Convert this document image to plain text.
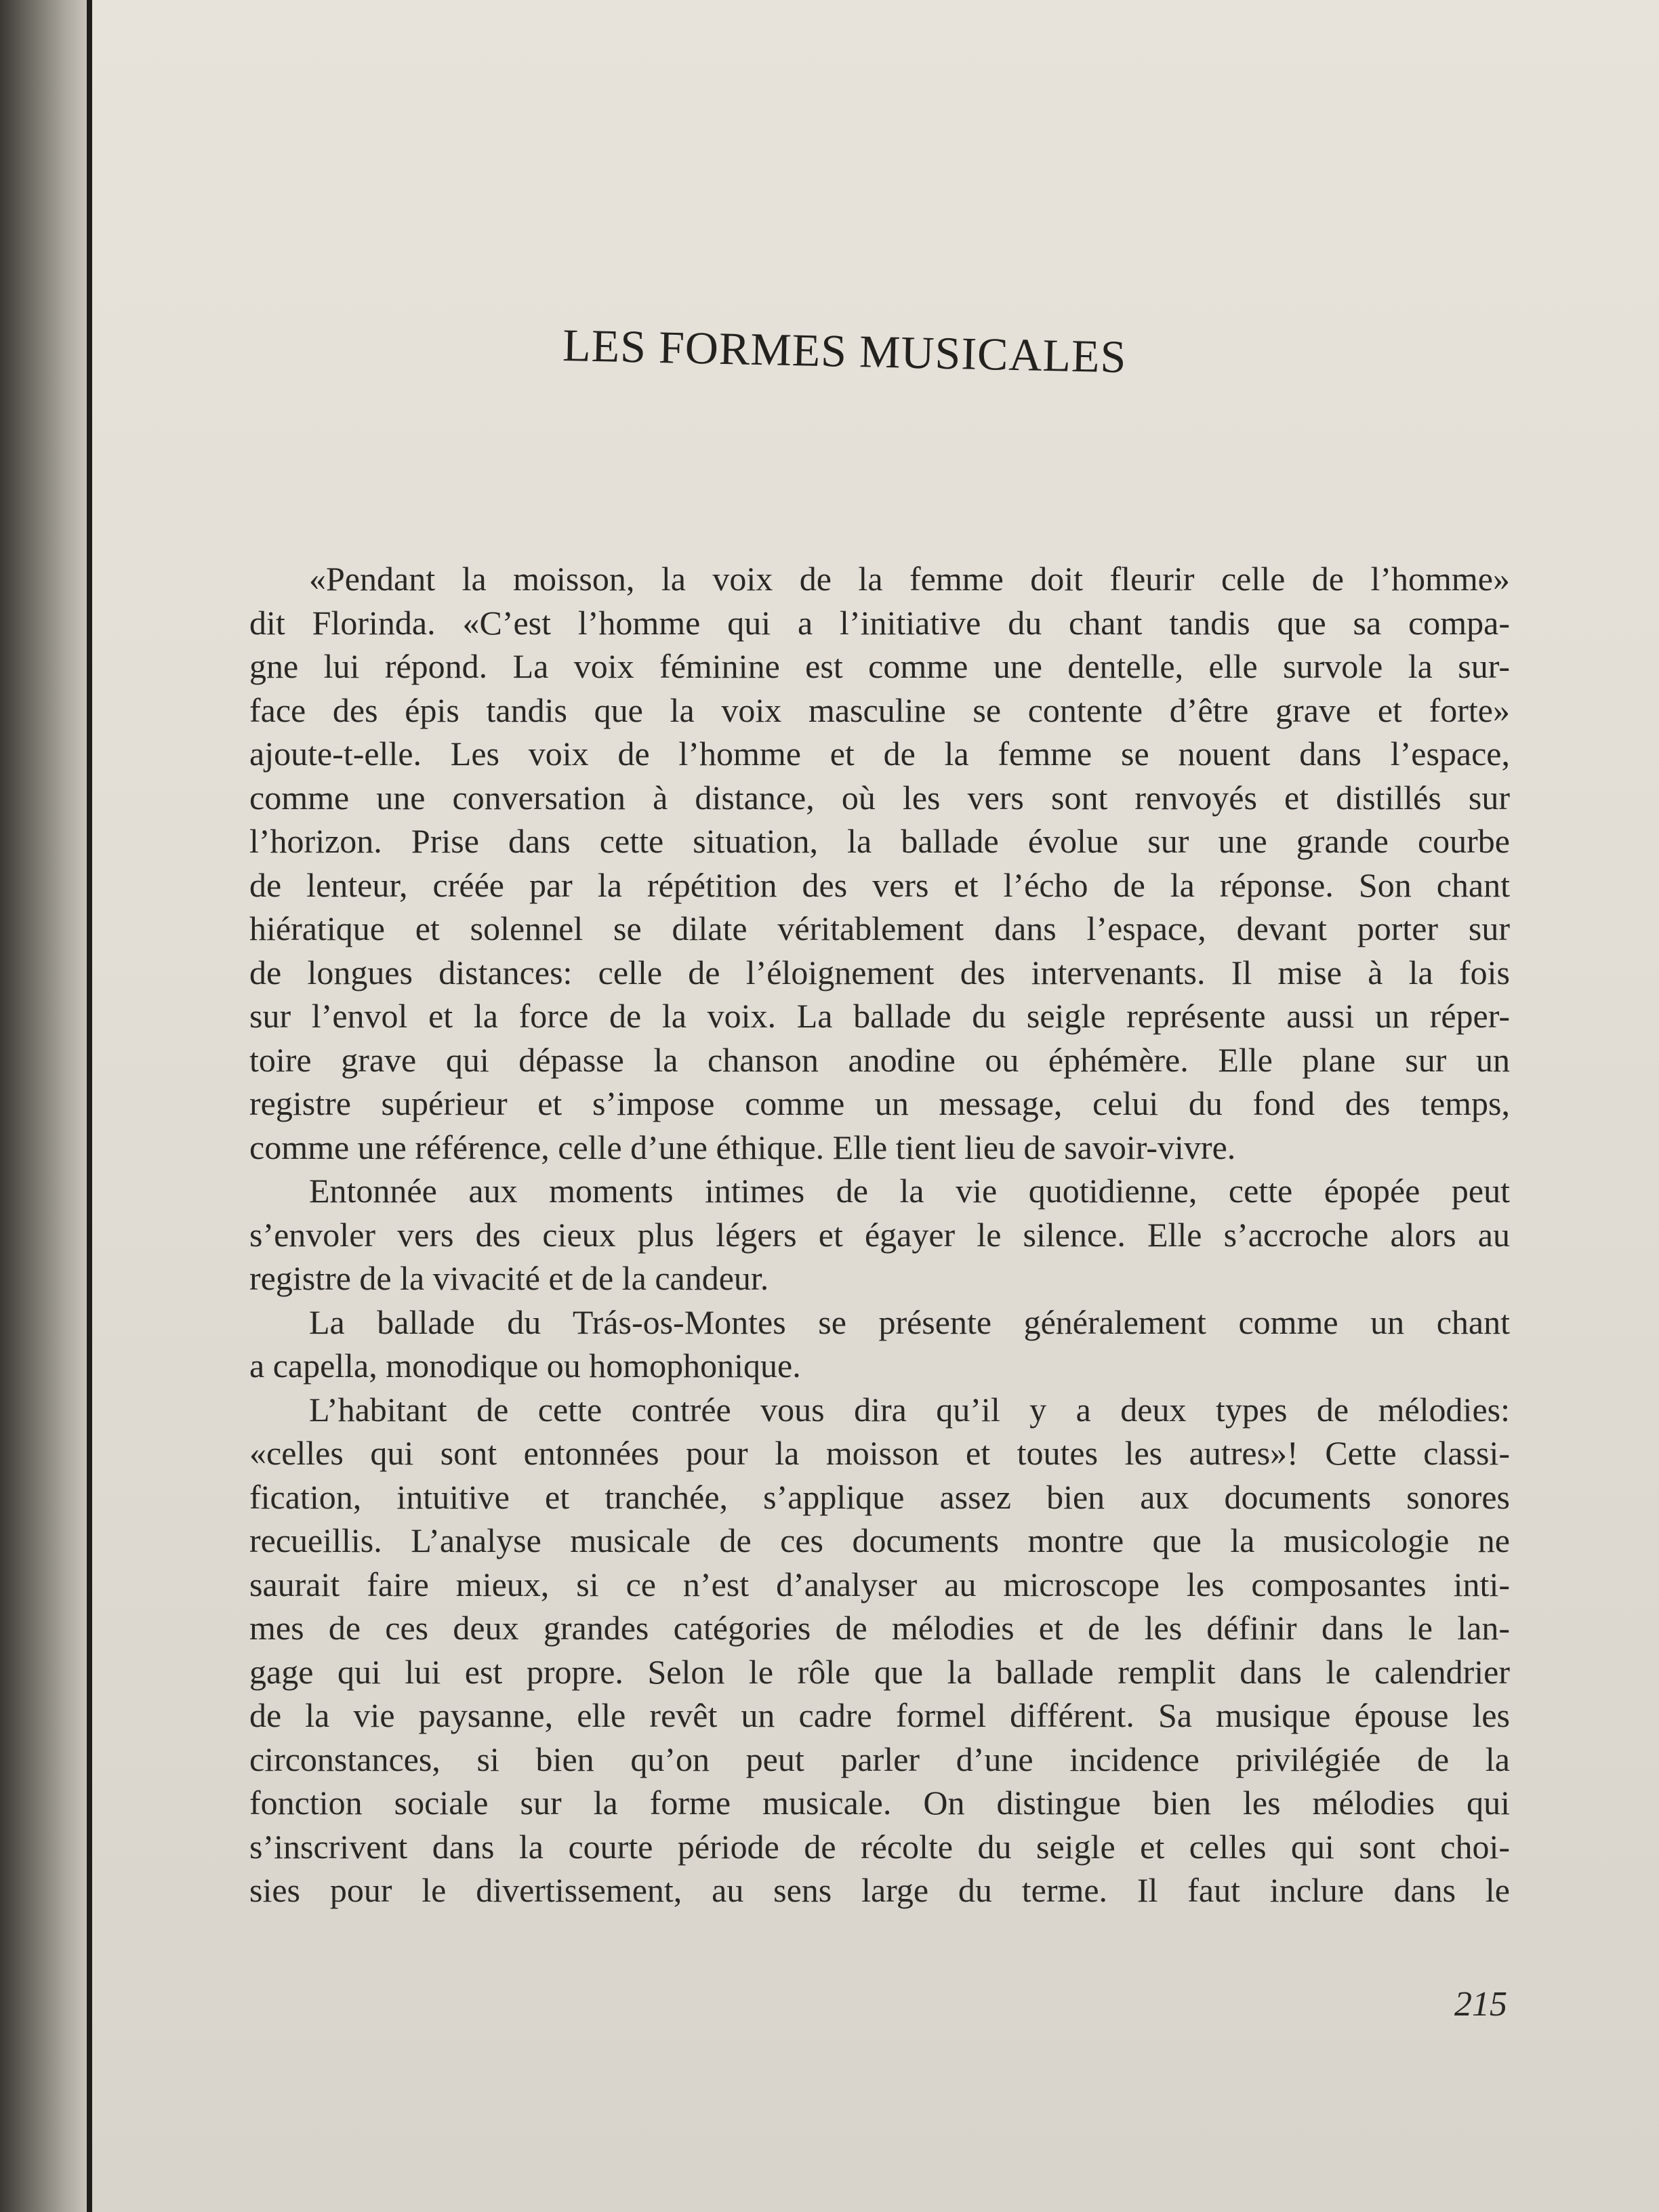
LES FORMES MUSICALES
«Pendant la moisson, la voix de la femme doit fleurir celle de l’homme»
dit Florinda. «C’est l’homme qui a l’initiative du chant tandis que sa compa-
gne lui répond. La voix féminine est comme une dentelle, elle survole la sur-
face des épis tandis que la voix masculine se contente d’être grave et forte»
ajoute-t-elle. Les voix de l’homme et de la femme se nouent dans l’espace,
comme une conversation à distance, où les vers sont renvoyés et distillés sur
l’horizon. Prise dans cette situation, la ballade évolue sur une grande courbe
de lenteur, créée par la répétition des vers et l’écho de la réponse. Son chant
hiératique et solennel se dilate véritablement dans l’espace, devant porter sur
de longues distances: celle de l’éloignement des intervenants. Il mise à la fois
sur l’envol et la force de la voix. La ballade du seigle représente aussi un réper-
toire grave qui dépasse la chanson anodine ou éphémère. Elle plane sur un
registre supérieur et s’impose comme un message, celui du fond des temps,
comme une référence, celle d’une éthique. Elle tient lieu de savoir-vivre.
Entonnée aux moments intimes de la vie quotidienne, cette épopée peut
s’envoler vers des cieux plus légers et égayer le silence. Elle s’accroche alors au
registre de la vivacité et de la candeur.
La ballade du Trás-os-Montes se présente généralement comme un chant
a capella, monodique ou homophonique.
L’habitant de cette contrée vous dira qu’il y a deux types de mélodies:
«celles qui sont entonnées pour la moisson et toutes les autres»! Cette classi-
fication, intuitive et tranchée, s’applique assez bien aux documents sonores
recueillis. L’analyse musicale de ces documents montre que la musicologie ne
saurait faire mieux, si ce n’est d’analyser au microscope les composantes inti-
mes de ces deux grandes catégories de mélodies et de les définir dans le lan-
gage qui lui est propre. Selon le rôle que la ballade remplit dans le calendrier
de la vie paysanne, elle revêt un cadre formel différent. Sa musique épouse les
circonstances, si bien qu’on peut parler d’une incidence privilégiée de la
fonction sociale sur la forme musicale. On distingue bien les mélodies qui
s’inscrivent dans la courte période de récolte du seigle et celles qui sont choi-
sies pour le divertissement, au sens large du terme. Il faut inclure dans le
215
